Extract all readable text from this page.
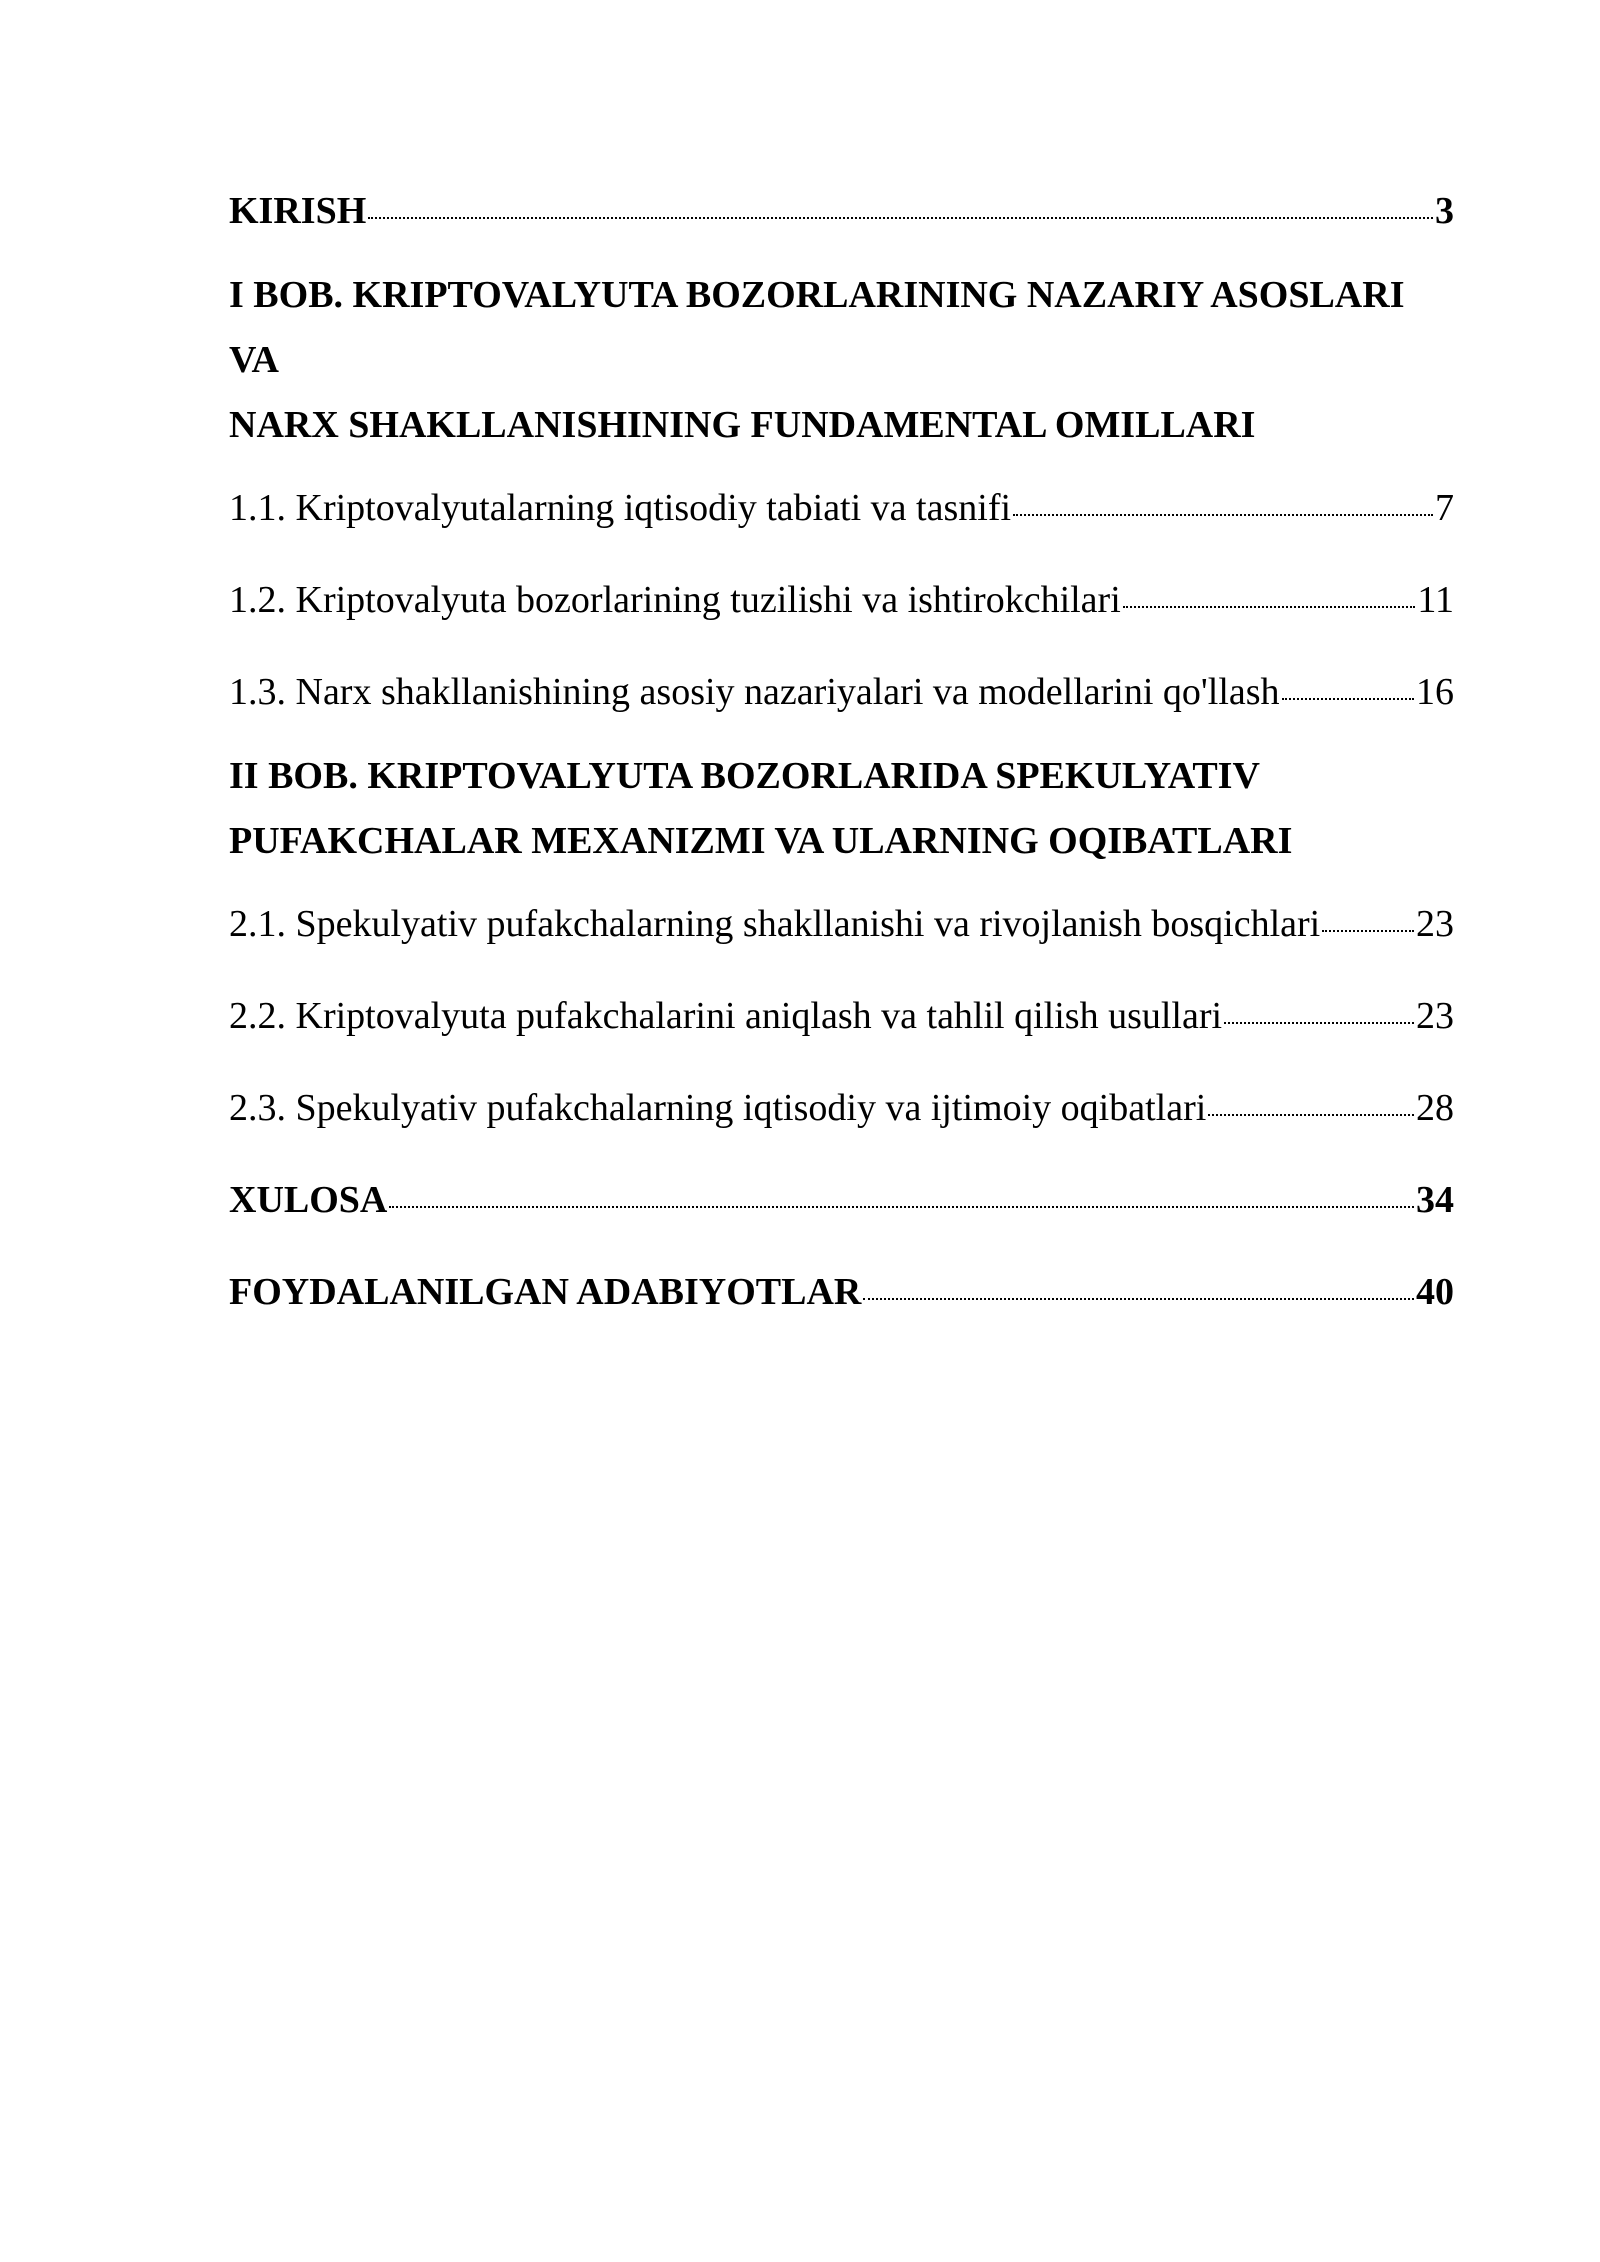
KIRISH	3
I BOB. KRIPTOVALYUTA BOZORLARINING NAZARIY ASOSLARI VA
NARX SHAKLLANISHINING FUNDAMENTAL OMILLARI
1.1. Kriptovalyutalarning iqtisodiy tabiati va tasnifi	7
1.2. Kriptovalyuta bozorlarining tuzilishi va ishtirokchilari	11
1.3. Narx shakllanishining asosiy nazariyalari va modellarini qo'llash	16
II BOB. KRIPTOVALYUTA BOZORLARIDA SPEKULYATIV
PUFAKCHALAR MEXANIZMI VA ULARNING OQIBATLARI
2.1. Spekulyativ pufakchalarning shakllanishi va rivojlanish bosqichlari	23
2.2. Kriptovalyuta pufakchalarini aniqlash va tahlil qilish usullari	23
2.3. Spekulyativ pufakchalarning iqtisodiy va ijtimoiy oqibatlari	28
XULOSA	34
FOYDALANILGAN ADABIYOTLAR	40
